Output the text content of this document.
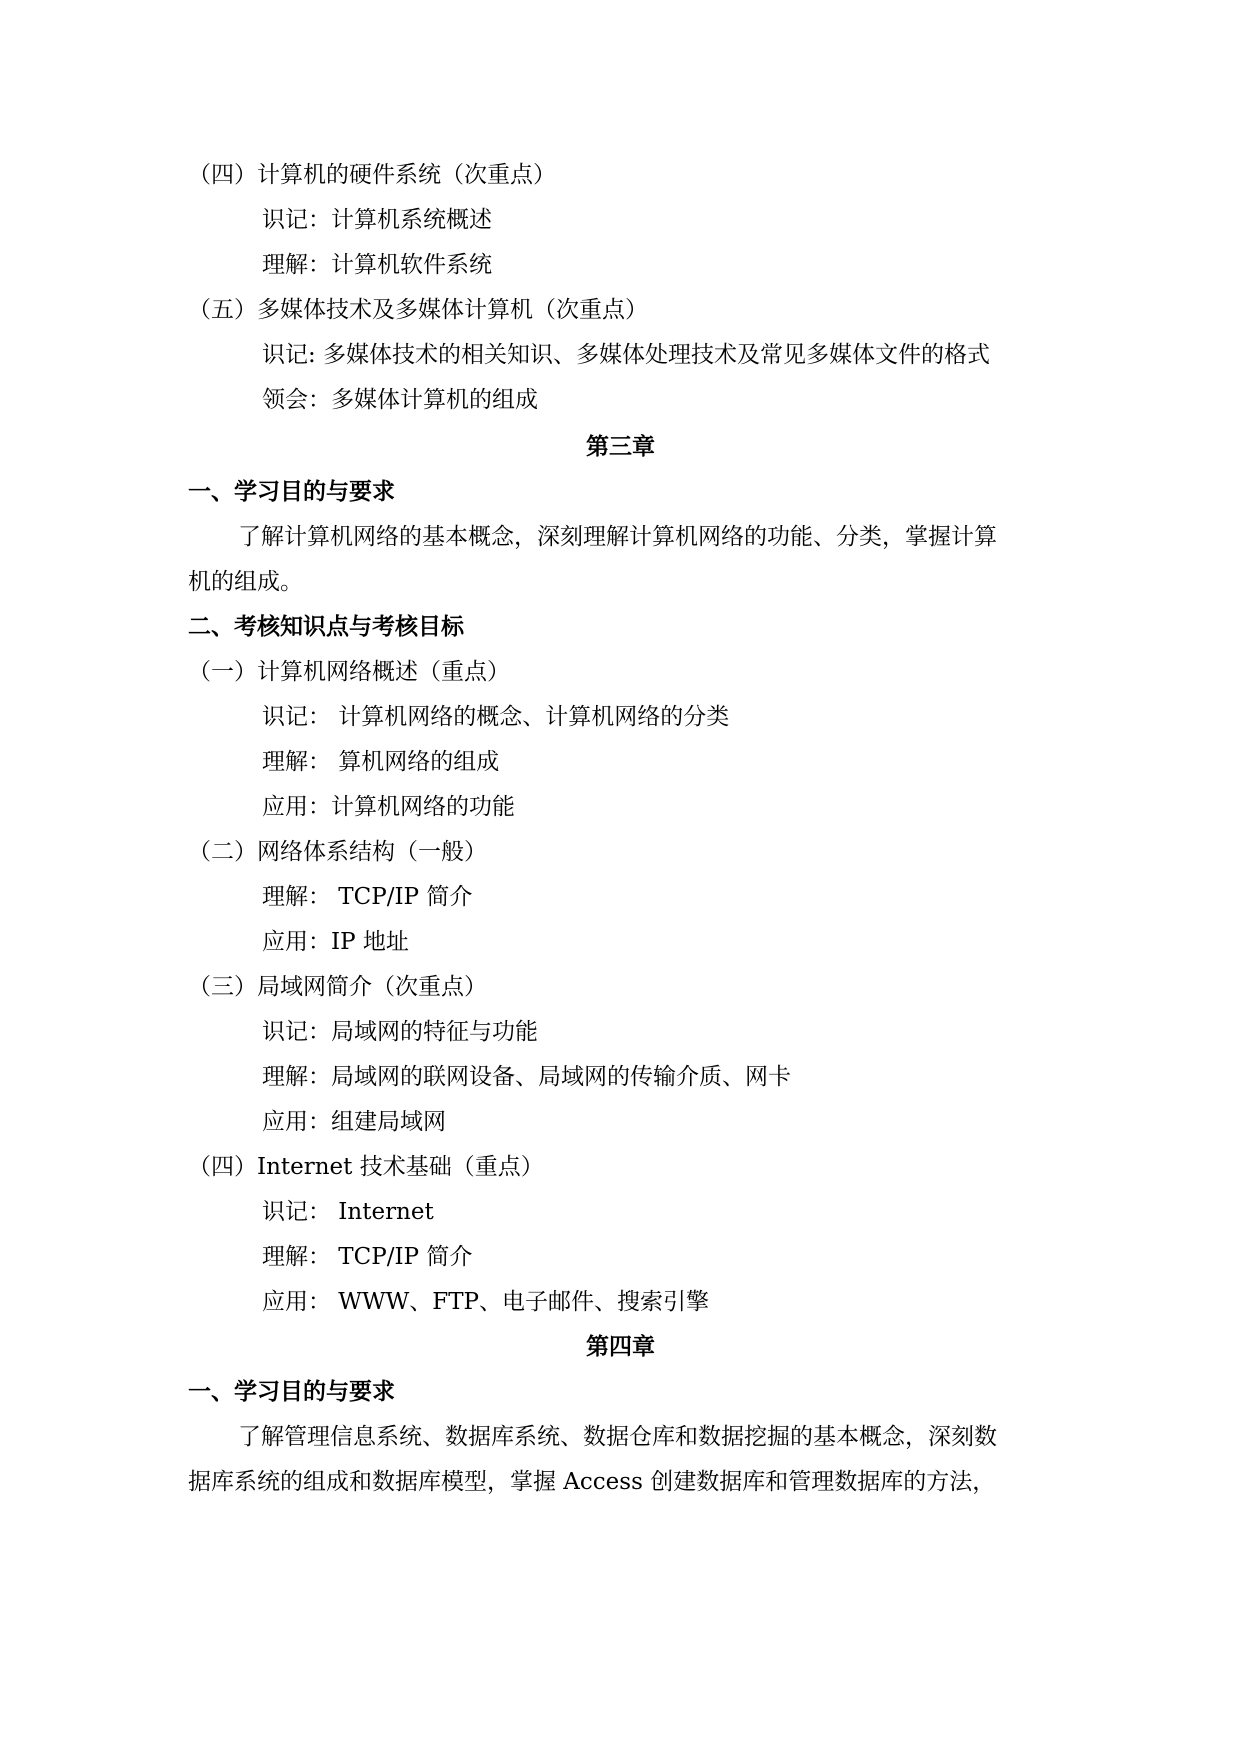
（四）计算机的硬件系统（次重点）
识记：计算机系统概述
理解：计算机软件系统
（五）多媒体技术及多媒体计算机（次重点）
识记: 多媒体技术的相关知识、多媒体处理技术及常见多媒体文件的格式
领会：多媒体计算机的组成
第三章
一、学习目的与要求
了解计算机网络的基本概念，深刻理解计算机网络的功能、分类，掌握计算
机的组成。
二、考核知识点与考核目标
（一）计算机网络概述（重点）
识记： 计算机网络的概念、计算机网络的分类
理解： 算机网络的组成
应用：计算机网络的功能
（二）网络体系结构（一般）
理解： TCP/IP 简介
应用：IP 地址
（三）局域网简介（次重点）
识记：局域网的特征与功能
理解：局域网的联网设备、局域网的传输介质、网卡
应用：组建局域网
（四）Internet 技术基础（重点）
识记： Internet
理解： TCP/IP 简介
应用： WWW、FTP、电子邮件、搜索引擎
第四章
一、学习目的与要求
了解管理信息系统、数据库系统、数据仓库和数据挖掘的基本概念，深刻数
据库系统的组成和数据库模型，掌握 Access 创建数据库和管理数据库的方法，
